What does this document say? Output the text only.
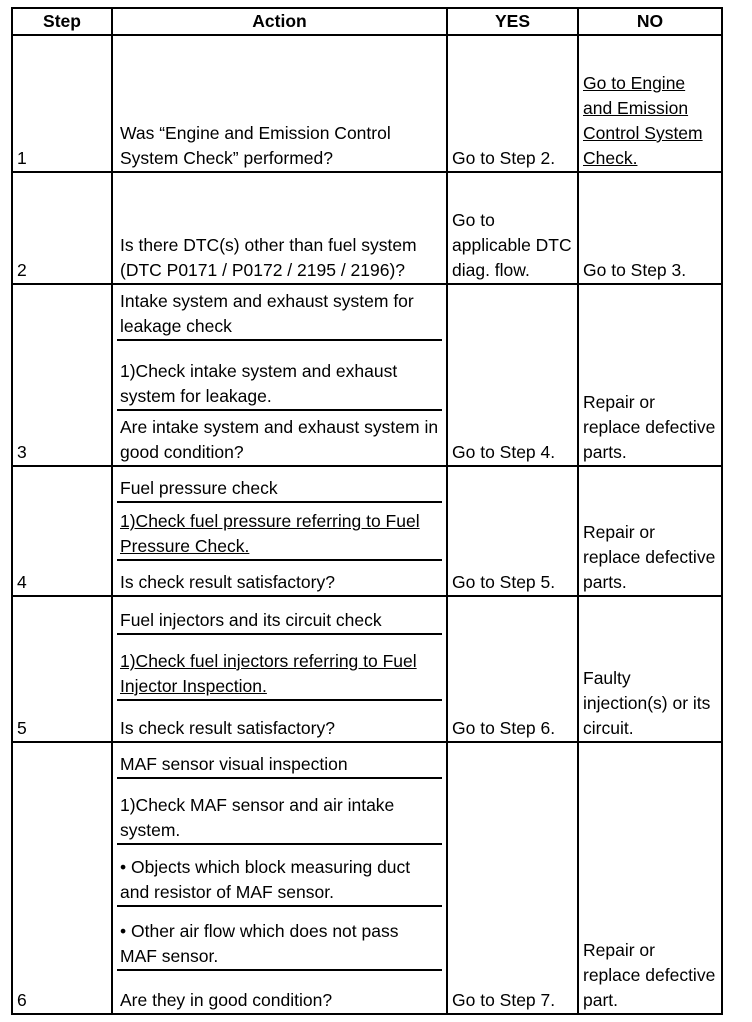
Step	Action	YES	NO
1	Was “Engine and Emission Control System Check” performed?	Go to Step 2.	Go to Engine and Emission Control System Check.
2	Is there DTC(s) other than fuel system (DTC P0171 / P0172 / 2195 / 2196)?	Go to applicable DTC diag. flow.	Go to Step 3.
3	Intake system and exhaust system for leakage check
1)Check intake system and exhaust system for leakage.
Are intake system and exhaust system in good condition?	Go to Step 4.	Repair or replace defective parts.
4	Fuel pressure check
1)Check fuel pressure referring to Fuel Pressure Check.
Is check result satisfactory?	Go to Step 5.	Repair or replace defective parts.
5	Fuel injectors and its circuit check
1)Check fuel injectors referring to Fuel Injector Inspection.
Is check result satisfactory?	Go to Step 6.	Faulty injection(s) or its circuit.
6	MAF sensor visual inspection
1)Check MAF sensor and air intake system.
• Objects which block measuring duct and resistor of MAF sensor.
• Other air flow which does not pass MAF sensor.
Are they in good condition?	Go to Step 7.	Repair or replace defective part.
